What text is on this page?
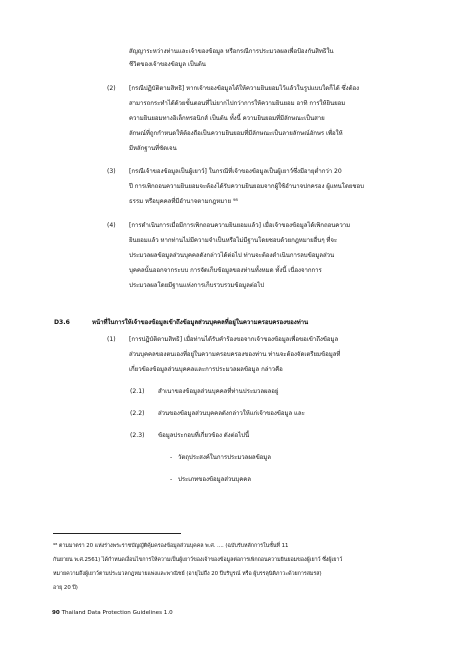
สัญญาระหว่างท่านและเจ้าของข้อมูล หรือกรณีการประมวลผลเพื่อป้องกันสิทธิใน
ชีวิตของเจ้าของข้อมูล เป็นต้น
(2) [กรณีปฏิบัติตามสิทธิ] หากเจ้าของข้อมูลได้ให้ความยินยอมไว้แล้วในรูปแบบใดก็ได้ ซึ่งต้อง
สามารถกระทำได้ด้วยขั้นตอนที่ไม่ยากไปกว่าการให้ความยินยอม อาทิ การให้ยินยอม
ความยินยอมทางอิเล็กทรอนิกส์ เป็นต้น ทั้งนี้ ความยินยอมที่มีลักษณะเป็นสาย
ลักษณ์ที่ถูกกำหนดให้ต้องถือเป็นความยินยอมที่มีลักษณะเป็นลายลักษณ์อักษร เพื่อให้
มีหลักฐานที่ชัดเจน
(3) [กรณีเจ้าของข้อมูลเป็นผู้เยาว์] ในกรณีที่เจ้าของข้อมูลเป็นผู้เยาว์ซึ่งมีอายุต่ำกว่า 20
ปี การเพิกถอนความยินยอมจะต้องได้รับความยินยอมจากผู้ใช้อำนาจปกครอง ผู้แทนโดยชอบ
ธรรม หรือบุคคลที่มีอำนาจตามกฎหมาย ⁹⁸
(4) [การดำเนินการเมื่อมีการเพิกถอนความยินยอมแล้ว] เมื่อเจ้าของข้อมูลได้เพิกถอนความ
ยินยอมแล้ว หากท่านไม่มีความจำเป็นหรือไม่มีฐานโดยชอบด้วยกฎหมายอื่นๆ ที่จะ
ประมวลผลข้อมูลส่วนบุคคลดังกล่าวได้ต่อไป ท่านจะต้องดำเนินการลบข้อมูลส่วน
บุคคลนั้นออกจากระบบ การจัดเก็บข้อมูลของท่านทั้งหมด ทั้งนี้ เนื่องจากการ
ประมวลผลโดยมีฐานแห่งการเก็บรวบรวมข้อมูลต่อไป
D3.6	หน้าที่ในการให้เจ้าของข้อมูลเข้าถึงข้อมูลส่วนบุคคลที่อยู่ในความครอบครองของท่าน
(1) [การปฏิบัติตามสิทธิ] เมื่อท่านได้รับคำร้องขอจากเจ้าของข้อมูลเพื่อขอเข้าถึงข้อมูล
ส่วนบุคคลของตนเองที่อยู่ในความครอบครองของท่าน ท่านจะต้องจัดเตรียมข้อมูลที่
เกี่ยวข้องข้อมูลส่วนบุคคลและการประมวลผลข้อมูล กล่าวคือ
(2.1) สำเนาของข้อมูลส่วนบุคคลที่ท่านประมวลผลอยู่
(2.2) ส่วนของข้อมูลส่วนบุคคลดังกล่าวให้แก่เจ้าของข้อมูล และ
(2.3) ข้อมูลประกอบที่เกี่ยวข้อง ดังต่อไปนี้
- วัตถุประสงค์ในการประมวลผลข้อมูล
- ประเภทของข้อมูลส่วนบุคคล
⁹⁸ ตามมาตรา 20 แห่งร่างพระราชบัญญัติคุ้มครองข้อมูลส่วนบุคคล พ.ศ. .... (ฉบับรับหลักการในชั้นที่ 11
กันยายน พ.ศ.2561) ได้กำหนดเงื่อนไขการให้ความเป็นผู้เยาว์ของเจ้าของข้อมูลต่อการเพิกถอนความยินยอมของผู้เยาว์ ซึ่งผู้เยาว์
หมายความถึงผู้เยาว์ตามประมวลกฎหมายแพ่งและพาณิชย์ (อายุไม่ถึง 20 ปีบริบูรณ์ หรือ ผู้บรรลุนิติภาวะด้วยการสมรส)
อายุ 20 ปี)
90 Thailand Data Protection Guidelines 1.0
